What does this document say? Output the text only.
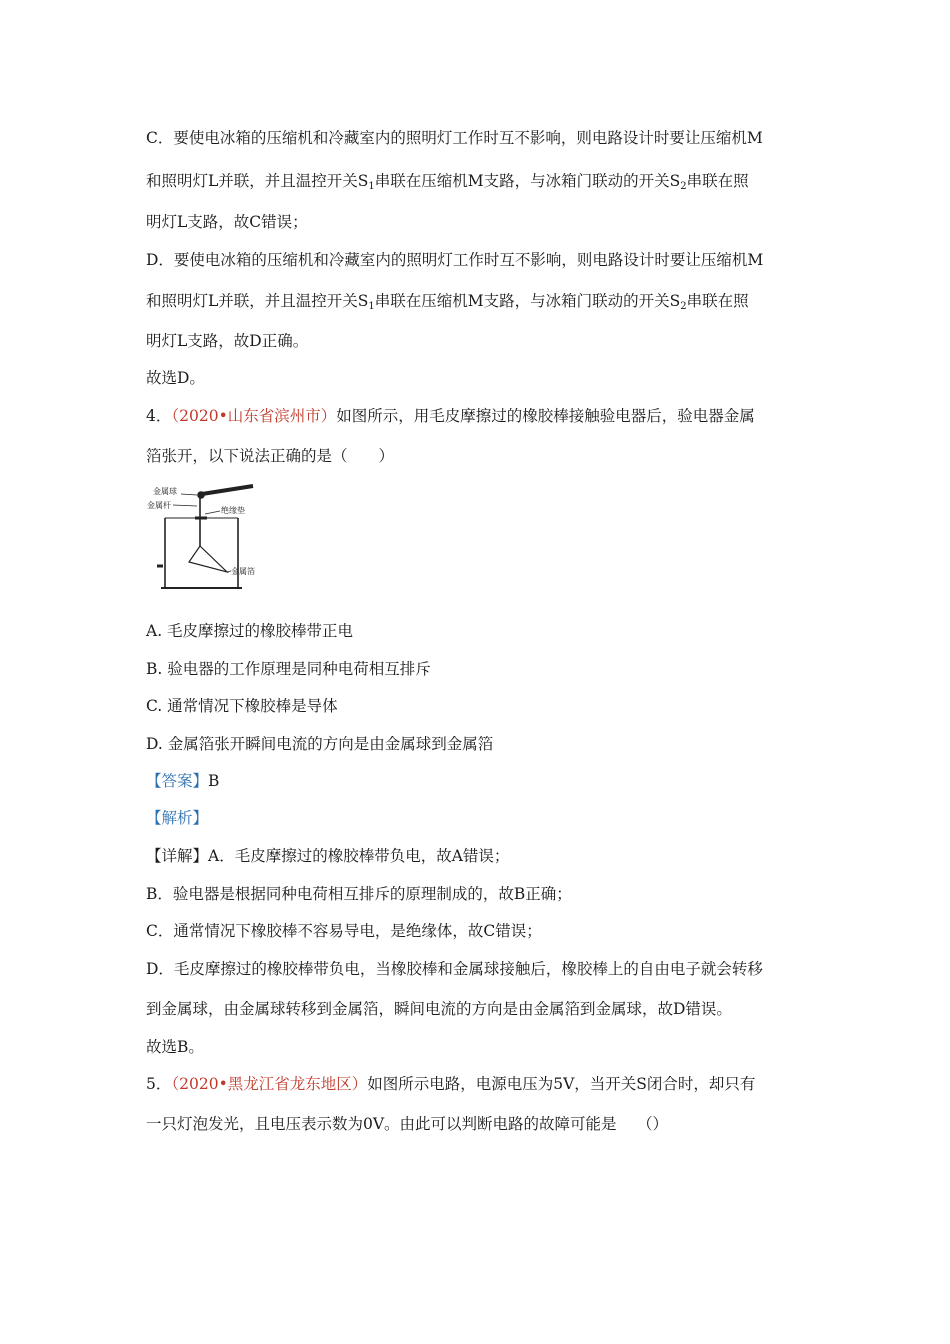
C．要使电冰箱的压缩机和冷藏室内的照明灯工作时互不影响，则电路设计时要让压缩机M
和照明灯L并联，并且温控开关$S_1$串联在压缩机M支路，与冰箱门联动的开关$S_2$串联在照
明灯L支路，故C错误；
D．要使电冰箱的压缩机和冷藏室内的照明灯工作时互不影响，则电路设计时要让压缩机M
和照明灯L并联，并且温控开关$S_1$串联在压缩机M支路，与冰箱门联动的开关$S_2$串联在照
明灯L支路，故D正确。
故选D。
4．（2020•山东省滨州市）如图所示，用毛皮摩擦过的橡胶棒接触验电器后，验电器金属
箔张开，以下说法正确的是（　　）
金属球
金属杆
绝缘垫
金属箔
A. 毛皮摩擦过的橡胶棒带正电
B. 验电器的工作原理是同种电荷相互排斥
C. 通常情况下橡胶棒是导体
D. 金属箔张开瞬间电流的方向是由金属球到金属箔
【答案】B
【解析】
【详解】A．毛皮摩擦过的橡胶棒带负电，故A错误；
B．验电器是根据同种电荷相互排斥的原理制成的，故B正确；
C．通常情况下橡胶棒不容易导电，是绝缘体，故C错误；
D．毛皮摩擦过的橡胶棒带负电，当橡胶棒和金属球接触后，橡胶棒上的自由电子就会转移
到金属球，由金属球转移到金属箔，瞬间电流的方向是由金属箔到金属球，故D错误。
故选B。
5．（2020•黑龙江省龙东地区）如图所示电路，电源电压为5V，当开关S闭合时，却只有
一只灯泡发光，且电压表示数为0V。由此可以判断电路的故障可能是　 （）
